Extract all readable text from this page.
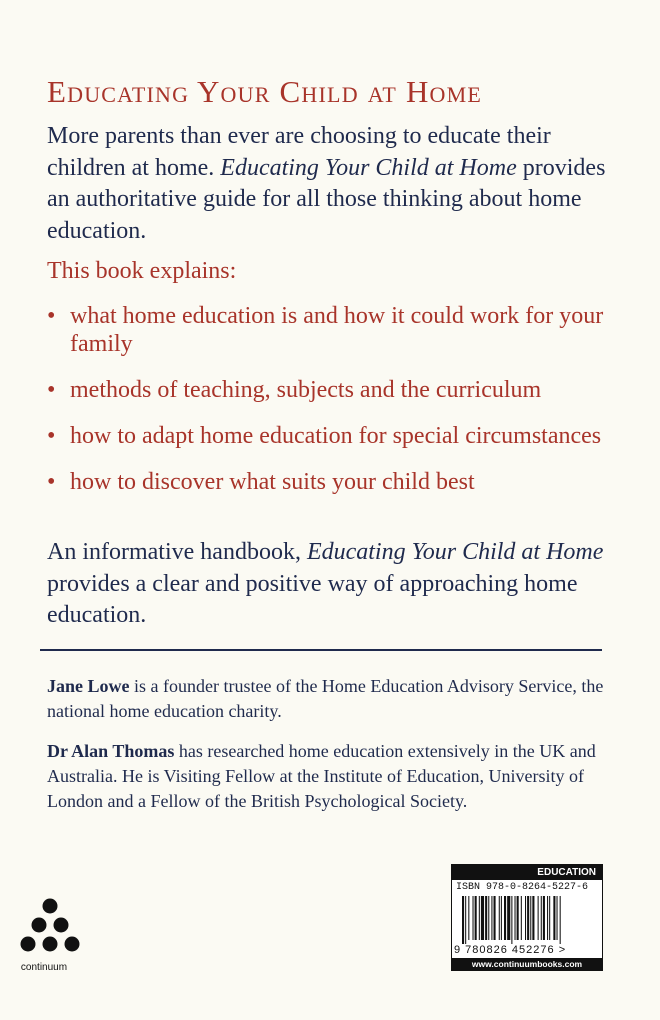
Educating Your Child at Home

More parents than ever are choosing to educate their children at home. Educating Your Child at Home provides an authoritative guide for all those thinking about home education.

This book explains:

• what home education is and how it could work for your family
• methods of teaching, subjects and the curriculum
• how to adapt home education for special circumstances
• how to discover what suits your child best

An informative handbook, Educating Your Child at Home provides a clear and positive way of approaching home education.

Jane Lowe is a founder trustee of the Home Education Advisory Service, the national home education charity.

Dr Alan Thomas has researched home education extensively in the UK and Australia. He is Visiting Fellow at the Institute of Education, University of London and a Fellow of the British Psychological Society.

continuum
EDUCATION
ISBN 978-0-8264-5227-6
9 780826 452276 >
www.continuumbooks.com
